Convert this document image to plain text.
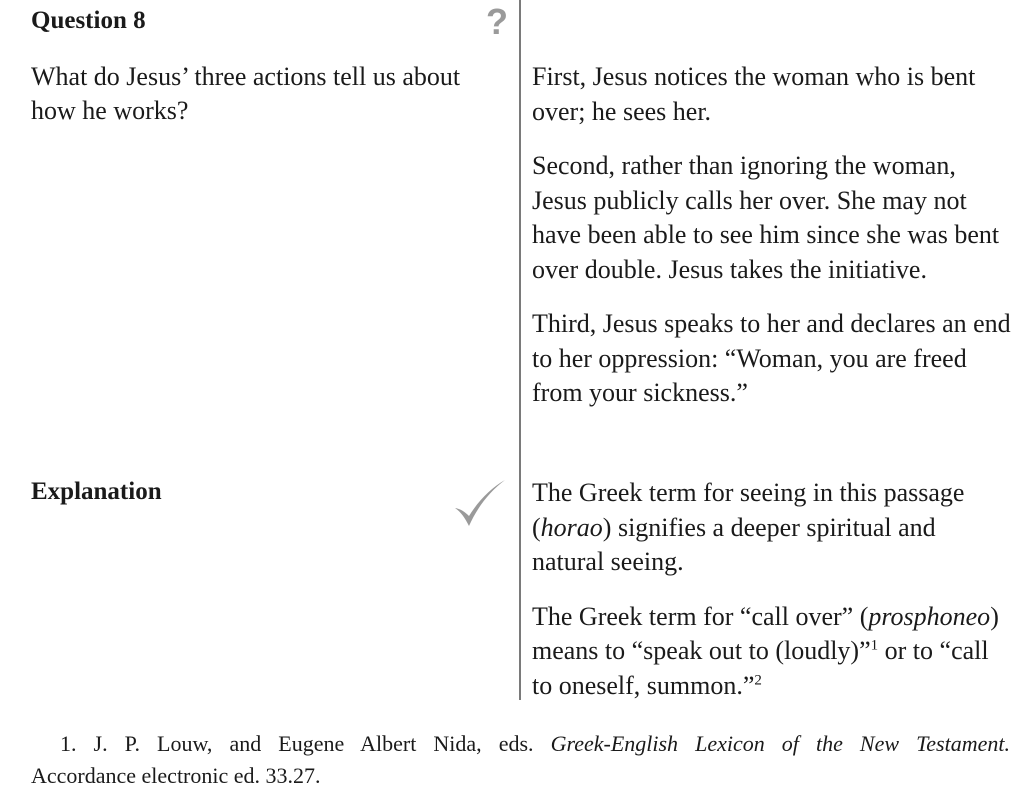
Question 8	?

What do Jesus’ three actions tell us about how he works?

First, Jesus notices the woman who is bent over; he sees her.

Second, rather than ignoring the woman, Jesus publicly calls her over. She may not have been able to see him since she was bent over double. Jesus takes the initiative.

Third, Jesus speaks to her and declares an end to her oppression: “Woman, you are freed from your sickness.”

Explanation	The Greek term for seeing in this passage (horao) signifies a deeper spiritual and natural seeing.

The Greek term for “call over” (prosphoneo) means to “speak out to (loudly)”$^1$ or to “call to oneself, summon.”$^2$

1. J. P. Louw, and Eugene Albert Nida, eds. Greek-English Lexicon of the New Testament.

Accordance electronic ed. 33.27.
